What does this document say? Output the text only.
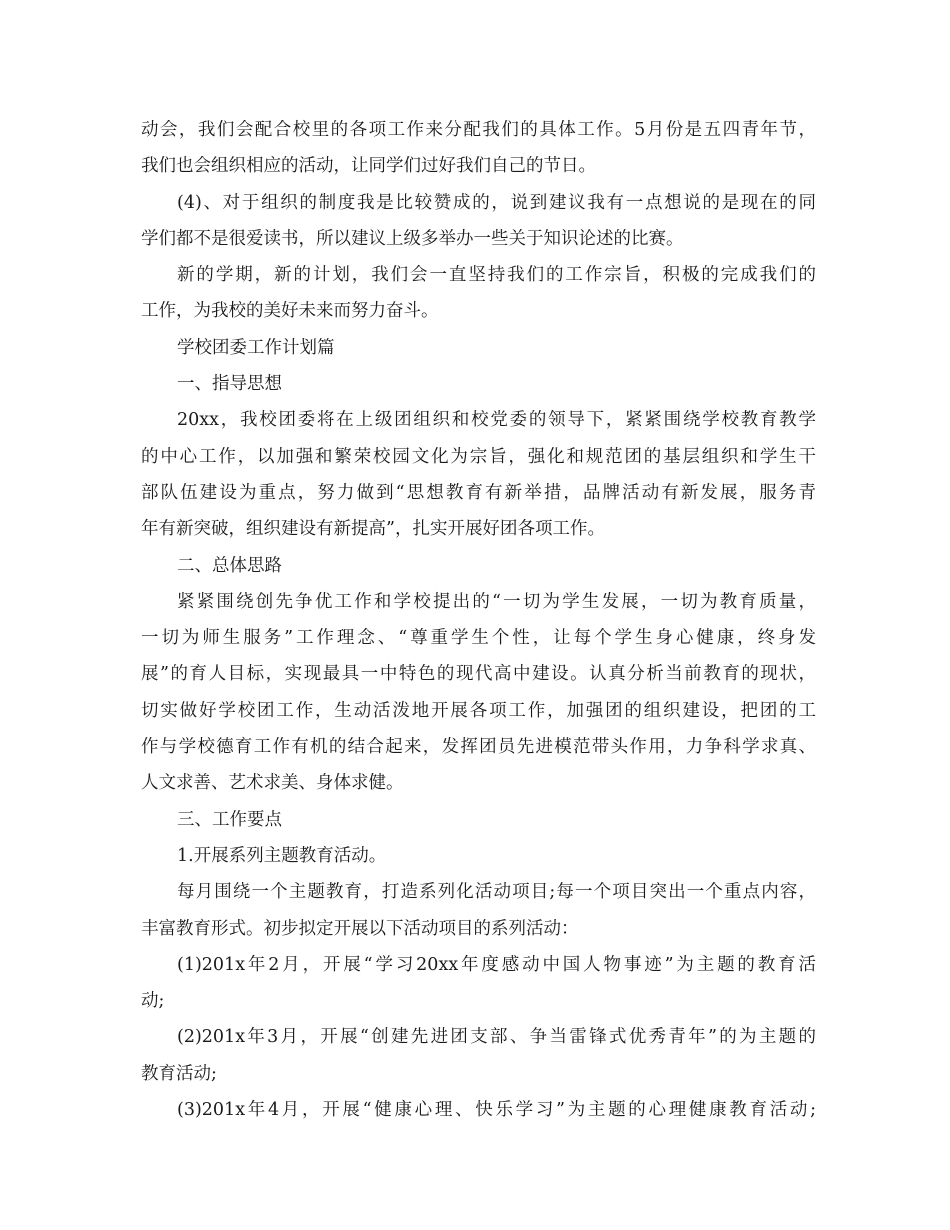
动会，我们会配合校里的各项工作来分配我们的具体工作。5月份是五四青年节，
我们也会组织相应的活动，让同学们过好我们自己的节日。
(4)、对于组织的制度我是比较赞成的，说到建议我有一点想说的是现在的同
学们都不是很爱读书，所以建议上级多举办一些关于知识论述的比赛。
新的学期，新的计划，我们会一直坚持我们的工作宗旨，积极的完成我们的
工作，为我校的美好未来而努力奋斗。
学校团委工作计划篇
一、指导思想
20xx，我校团委将在上级团组织和校党委的领导下，紧紧围绕学校教育教学
的中心工作，以加强和繁荣校园文化为宗旨，强化和规范团的基层组织和学生干
部队伍建设为重点，努力做到“思想教育有新举措，品牌活动有新发展，服务青
年有新突破，组织建设有新提高”，扎实开展好团各项工作。
二、总体思路
紧紧围绕创先争优工作和学校提出的“一切为学生发展，一切为教育质量，
一切为师生服务”工作理念、“尊重学生个性，让每个学生身心健康，终身发
展”的育人目标，实现最具一中特色的现代高中建设。认真分析当前教育的现状，
切实做好学校团工作，生动活泼地开展各项工作，加强团的组织建设，把团的工
作与学校德育工作有机的结合起来，发挥团员先进模范带头作用，力争科学求真、
人文求善、艺术求美、身体求健。
三、工作要点
1.开展系列主题教育活动。
每月围绕一个主题教育，打造系列化活动项目;每一个项目突出一个重点内容，
丰富教育形式。初步拟定开展以下活动项目的系列活动：
(1)201x年2月，开展“学习20xx年度感动中国人物事迹”为主题的教育活
动;
(2)201x年3月，开展“创建先进团支部、争当雷锋式优秀青年”的为主题的
教育活动;
(3)201x年4月，开展“健康心理、快乐学习”为主题的心理健康教育活动;
